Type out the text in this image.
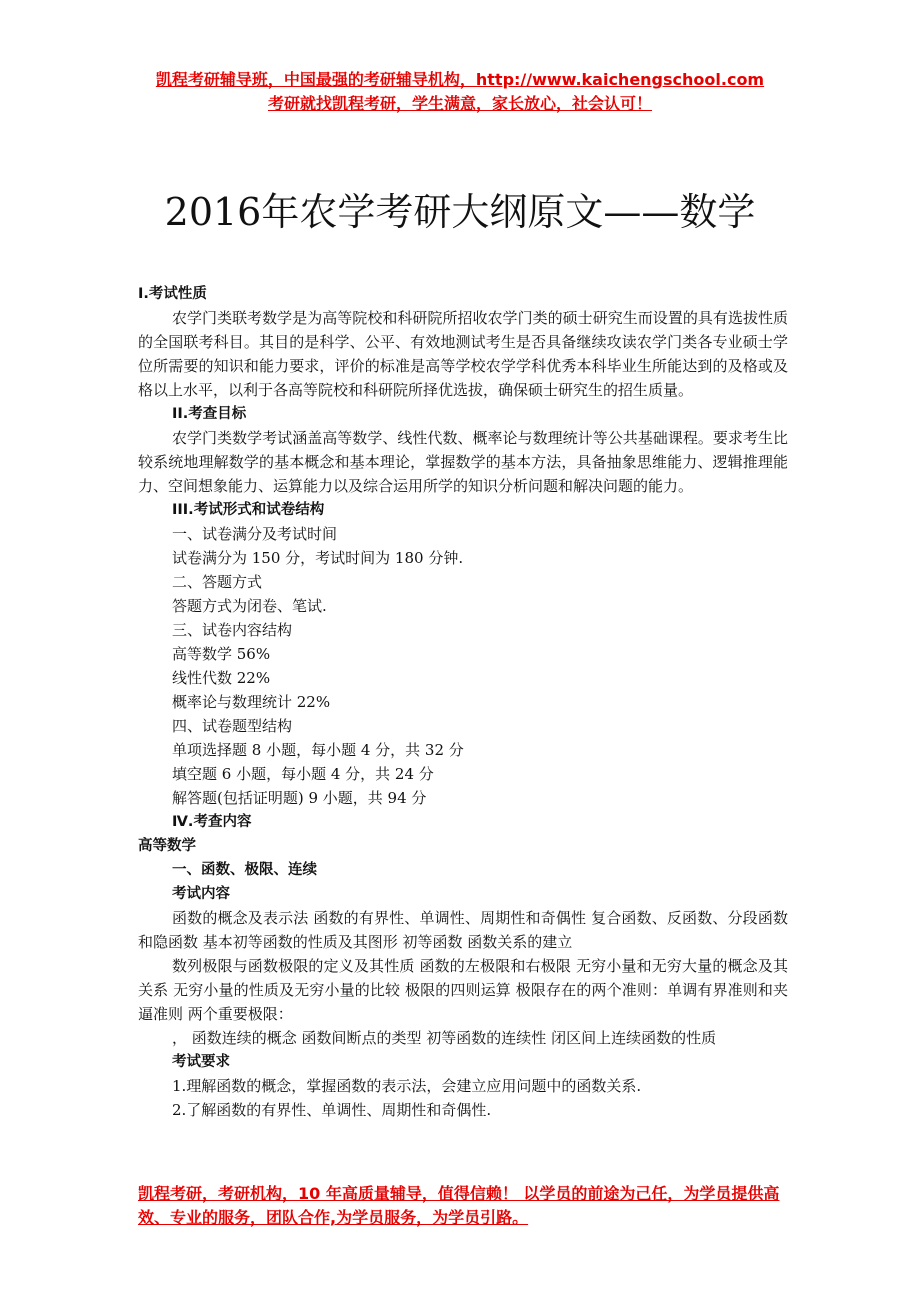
凯程考研辅导班，中国最强的考研辅导机构，http://www.kaichengschool.com
考研就找凯程考研，学生满意，家长放心，社会认可！
2016年农学考研大纲原文——数学

I.考试性质

农学门类联考数学是为高等院校和科研院所招收农学门类的硕士研究生而设置的具有选拔性质的全国联考科目。其目的是科学、公平、有效地测试考生是否具备继续攻读农学门类各专业硕士学位所需要的知识和能力要求，评价的标准是高等学校农学学科优秀本科毕业生所能达到的及格或及格以上水平，以利于各高等院校和科研院所择优选拔，确保硕士研究生的招生质量。

II.考查目标

农学门类数学考试涵盖高等数学、线性代数、概率论与数理统计等公共基础课程。要求考生比较系统地理解数学的基本概念和基本理论，掌握数学的基本方法，具备抽象思维能力、逻辑推理能力、空间想象能力、运算能力以及综合运用所学的知识分析问题和解决问题的能力。

III.考试形式和试卷结构

一、试卷满分及考试时间

试卷满分为 150 分，考试时间为 180 分钟.

二、答题方式

答题方式为闭卷、笔试.

三、试卷内容结构

高等数学 56%

线性代数 22%

概率论与数理统计 22%

四、试卷题型结构

单项选择题 8 小题，每小题 4 分，共 32 分

填空题 6 小题，每小题 4 分，共 24 分

解答题(包括证明题) 9 小题，共 94 分

Ⅳ.考查内容

高等数学

一、函数、极限、连续

考试内容

函数的概念及表示法 函数的有界性、单调性、周期性和奇偶性 复合函数、反函数、分段函数和隐函数 基本初等函数的性质及其图形 初等函数 函数关系的建立

数列极限与函数极限的定义及其性质 函数的左极限和右极限 无穷小量和无穷大量的概念及其关系 无穷小量的性质及无穷小量的比较 极限的四则运算 极限存在的两个准则：单调有界准则和夹逼准则 两个重要极限：

， 函数连续的概念 函数间断点的类型 初等函数的连续性 闭区间上连续函数的性质

考试要求

1.理解函数的概念，掌握函数的表示法，会建立应用问题中的函数关系.

2.了解函数的有界性、单调性、周期性和奇偶性.

凯程考研，考研机构，10 年高质量辅导，值得信赖！ 以学员的前途为己任，为学员提供高效、专业的服务，团队合作,为学员服务，为学员引路。
